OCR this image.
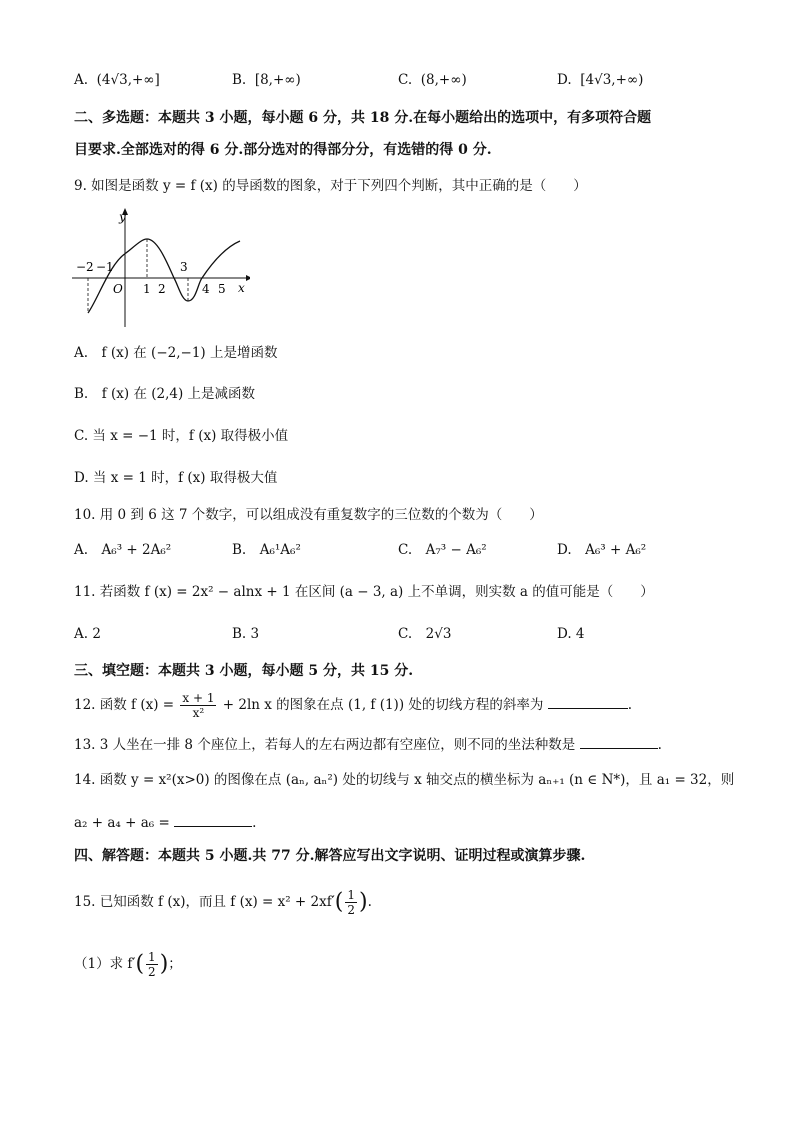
A. (4√3,+∞]	B. [8,+∞)	C. (8,+∞)	D. [4√3,+∞)
二、多选题：本题共 3 小题，每小题 6 分，共 18 分.在每小题给出的选项中，有多项符合题
目要求.全部选对的得 6 分.部分选对的得部分分，有选错的得 0 分.
9. 如图是函数 y = f (x) 的导函数的图象，对于下列四个判断，其中正确的是（　　）
y
x
O
−2 −1
1 2
3
4 5
A.　f (x) 在 (−2,−1) 上是增函数
B.　f (x) 在 (2,4) 上是减函数
C. 当 x = −1 时，f (x) 取得极小值
D. 当 x = 1 时，f (x) 取得极大值
10. 用 0 到 6 这 7 个数字，可以组成没有重复数字的三位数的个数为（　　）
A.　A₆³ + 2A₆²	B.　A₆¹A₆²	C.　A₇³ − A₆²	D.　A₆³ + A₆²
11. 若函数 f (x) = 2x² − alnx + 1 在区间 (a − 3, a) 上不单调，则实数 a 的值可能是（　　）
A. 2	B. 3	C.　2√3	D. 4
三、填空题：本题共 3 小题，每小题 5 分，共 15 分.
12. 函数 f $(x) = \frac{x + 1}{\text{x²}} + 2\ln$ x 的图象在点 (1, f (1)) 处的切线方程的斜率为	.
13. 3 人坐在一排 8 个座位上，若每人的左右两边都有空座位，则不同的坐法种数是	.
14. 函数 y = x²(x>0) 的图像在点 (aₙ, aₙ²) 处的切线与 x 轴交点的横坐标为 aₙ₊₁ (n ∈ N*)，且 a₁ = 32，则
a₂ + a₄ + a₆ =	.
四、解答题：本题共 5 小题.共 77 分.解答应写出文字说明、证明过程或演算步骤.
15. 已知函数 f (x)，而且 f $(x) = x^2 + 2xf'( \frac{1}{2}$ ).
（1）求 $f'( \frac{1}{2}$ )；
